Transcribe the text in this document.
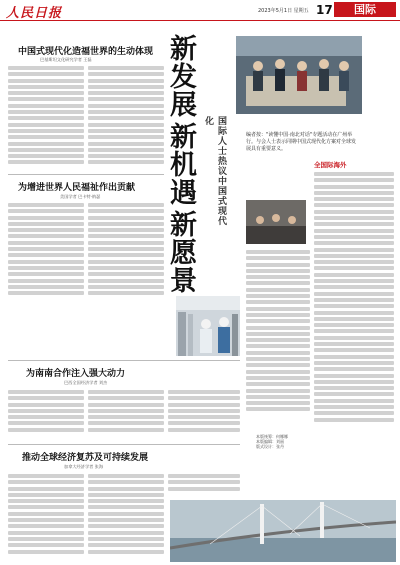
人民日报	2023年5月1日 星期五 17	国际
中国式现代化造福世界的生动体现
巴基斯坦文化研究学者 王磊
为增进世界人民福祉作出贡献
美国学者 巴卡特·纳瑟
为南南合作注入强大动力
巴西全国经济学者 刘杰
推动全球经济复苏及可持续发展
加拿大经济学者 张海
新
发
展
新
机
遇
新
愿
景
国际人士热议中国式现代化
编者按："读懂中国·南北对话"专题活动在广州举行。与会人士表示同期中国式现代化方案对全球发展具有重要意义。
全国际海外
本版统筹：何娜娜
本版编辑：刘丽
版式设计：张丹
